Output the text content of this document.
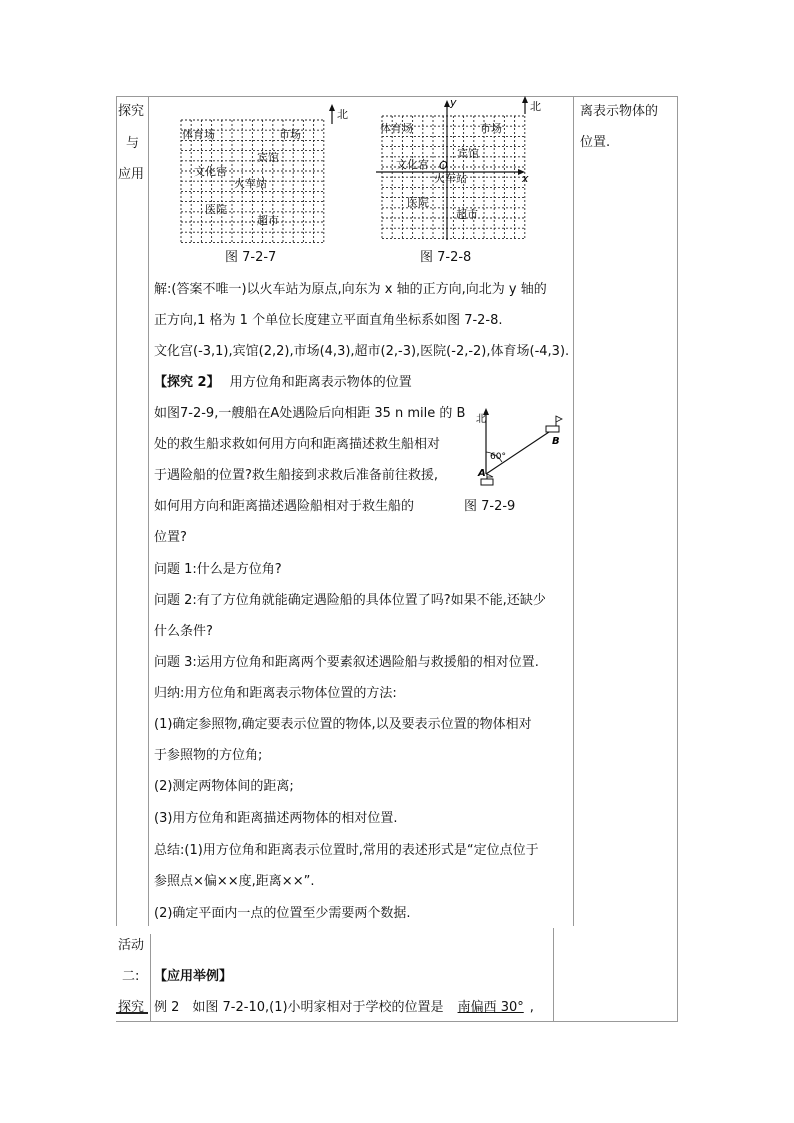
探究
与
应用
活动
二:
探究
离表示物体的
位置.
北
体育场	市场
宾馆
文化宫
火车站
医院
超市
图 7-2-7
y
x
O
北
体育场	市场
宾馆
文化宫
火车站
医院
超市
图 7-2-8
解:(答案不唯一)以火车站为原点,向东为 x 轴的正方向,向北为 y 轴的
正方向,1 格为 1 个单位长度建立平面直角坐标系如图 7-2-8.
文化宫(-3,1),宾馆(2,2),市场(4,3),超市(2,-3),医院(-2,-2),体育场(-4,3).
【探究 2】 用方位角和距离表示物体的位置
如图7-2-9,一艘船在A处遇险后向相距 35 n mile 的 B
处的救生船求救如何用方向和距离描述救生船相对
于遇险船的位置?救生船接到求救后准备前往救援,
如何用方向和距离描述遇险船相对于救生船的	图 7-2-9
位置?
北
60°
A
B
问题 1:什么是方位角?
问题 2:有了方位角就能确定遇险船的具体位置了吗?如果不能,还缺少
什么条件?
问题 3:运用方位角和距离两个要素叙述遇险船与救援船的相对位置.
归纳:用方位角和距离表示物体位置的方法:
(1)确定参照物,确定要表示位置的物体,以及要表示位置的物体相对
于参照物的方位角;
(2)测定两物体间的距离;
(3)用方位角和距离描述两物体的相对位置.
总结:(1)用方位角和距离表示位置时,常用的表述形式是“定位点位于
参照点×偏××度,距离××”.
(2)确定平面内一点的位置至少需要两个数据.
【应用举例】
例 2　如图 7-2-10,(1)小明家相对于学校的位置是 南偏西 30° ,
